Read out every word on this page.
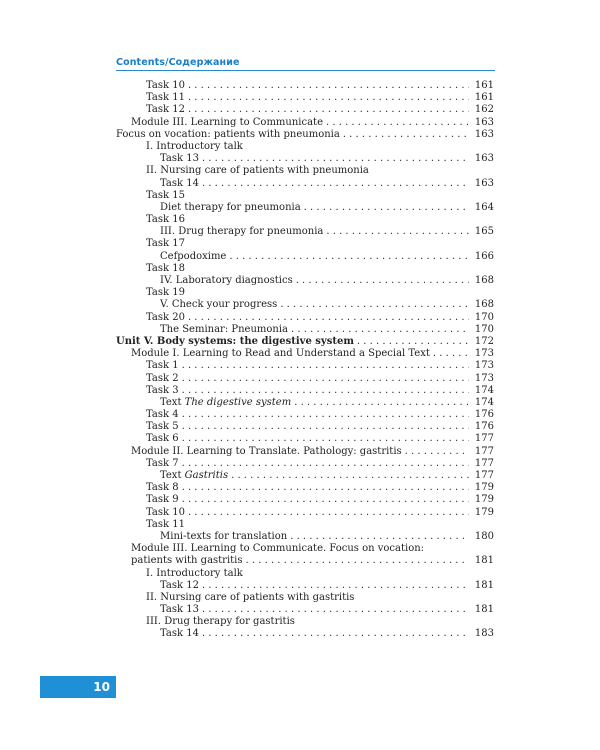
Contents/Содержание
Task 10 . . .	161
Task 11 . . .	161
Task 12 . . .	162
Module III. Learning to Communicate . . .	163
Focus on vocation: patients with pneumonia . . .	163
I. Introductory talk
Task 13 . . .	163
II. Nursing care of patients with pneumonia
Task 14 . . .	163
Task 15
Diet therapy for pneumonia . . .	164
Task 16
III. Drug therapy for pneumonia . . .	165
Task 17
Cefpodoxime . . .	166
Task 18
IV. Laboratory diagnostics . . .	168
Task 19
V. Check your progress . . .	168
Task 20 . . .	170
The Seminar: Pneumonia . . .	170
Unit V. Body systems: the digestive system . . .	172
Module I. Learning to Read and Understand a Special Text . . .	173
Task 1 . . .	173
Task 2 . . .	173
Task 3 . . .	174
Text The digestive system . . .	174
Task 4 . . .	176
Task 5 . . .	176
Task 6 . . .	177
Module II. Learning to Translate. Pathology: gastritis . . .	177
Task 7 . . .	177
Text Gastritis . . .	177
Task 8 . . .	179
Task 9 . . .	179
Task 10 . . .	179
Task 11
Mini-texts for translation . . .	180
Module III. Learning to Communicate. Focus on vocation:
patients with gastritis . . .	181
I. Introductory talk
Task 12 . . .	181
II. Nursing care of patients with gastritis
Task 13 . . .	181
III. Drug therapy for gastritis
Task 14 . . .	183
10
